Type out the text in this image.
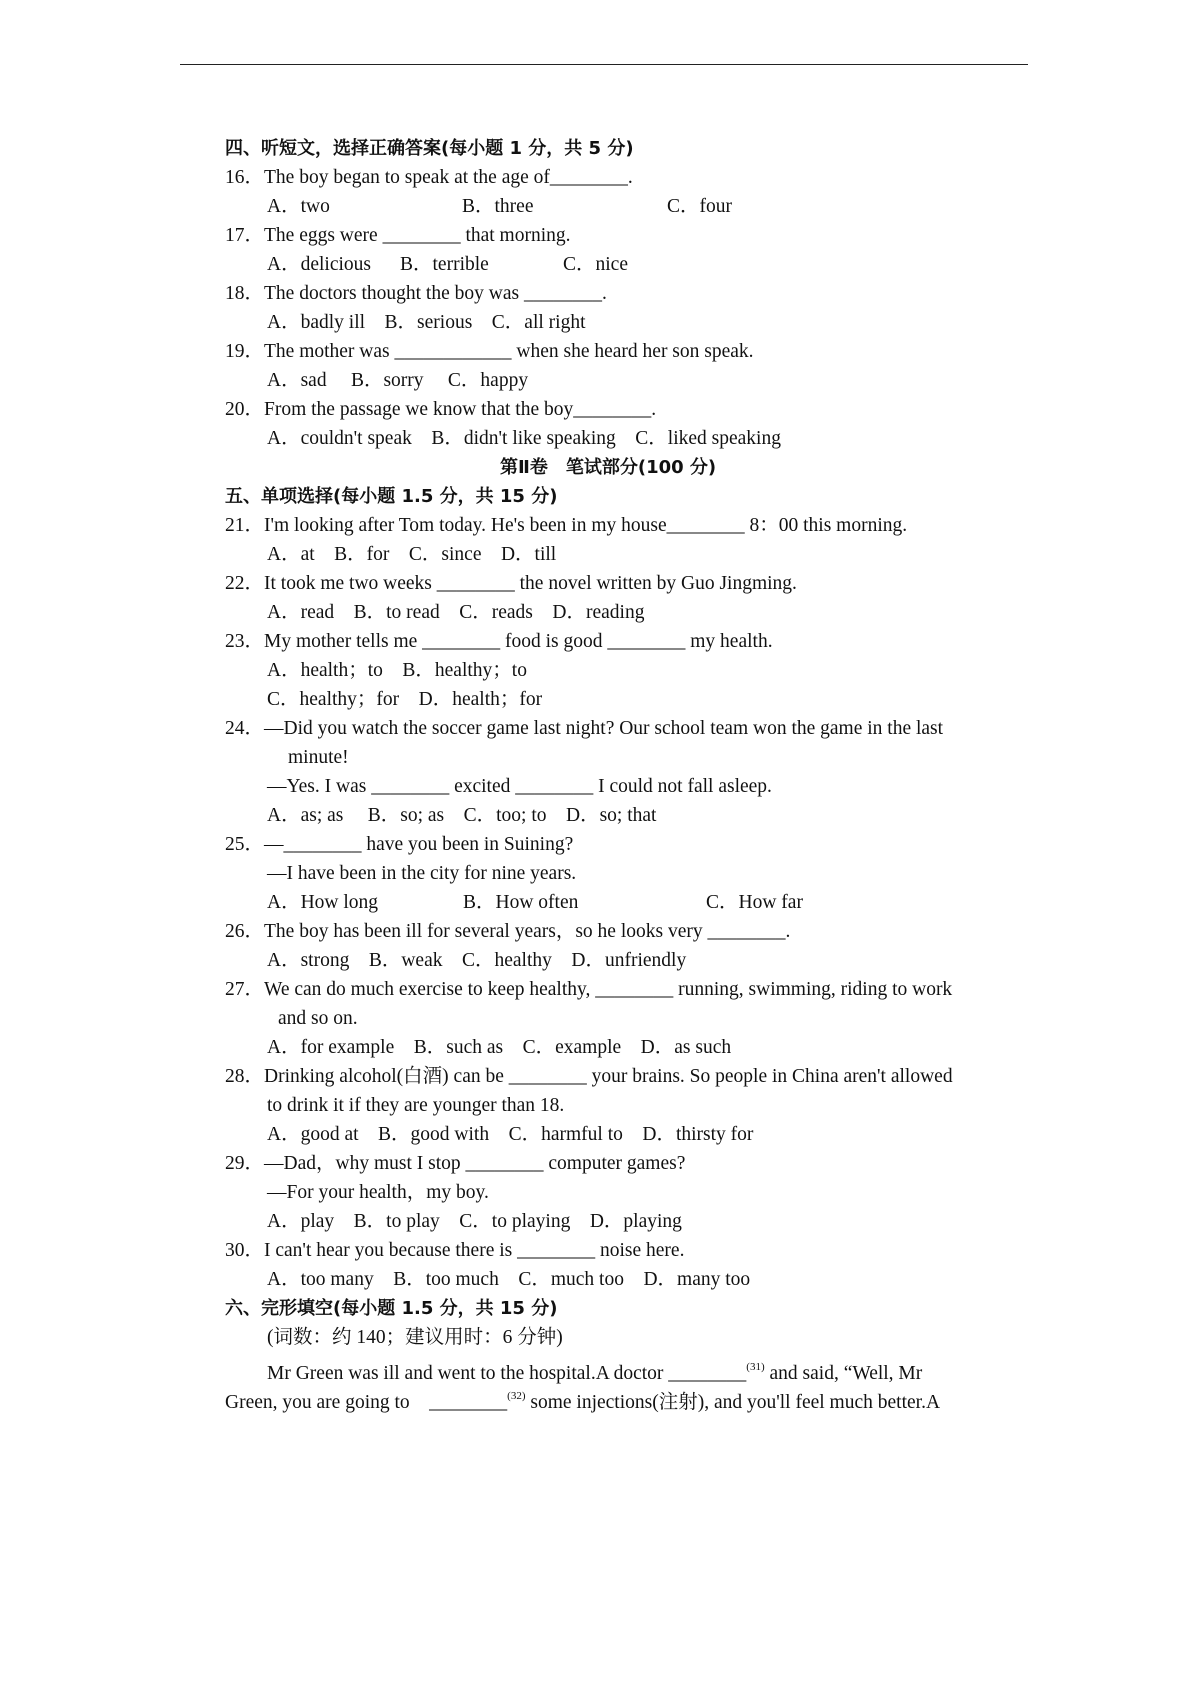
四、听短文，选择正确答案(每小题 1 分，共 5 分)
16．The boy began to speak at the age of________.
A．two	B．three	C．four
17．The eggs were ________ that morning.
A．delicious B．terrible	C．nice
18．The doctors thought the boy was ________.
A．badly ill　B．serious　C．all right
19．The mother was ____________ when she heard her son speak.
A．sad　 B．sorry　 C．happy
20．From the passage we know that the boy________.
A．couldn't speak　B．didn't like speaking　C．liked speaking
第Ⅱ卷　笔试部分(100 分)
五、单项选择(每小题 1.5 分，共 15 分)
21．I'm looking after Tom today. He's been in my house________ 8：00 this morning.
A．at　B．for　C．since　D．till
22．It took me two weeks ________ the novel written by Guo Jingming.
A．read　B．to read　C．reads　D．reading
23．My mother tells me ________ food is good ________ my health.
A．health；to　B．healthy；to
C．healthy；for　D．health；for
24．—Did you watch the soccer game last night? Our school team won the game in the last
minute!
—Yes. I was ________ excited ________ I could not fall asleep.
A．as; as　 B．so; as　C．too; to　D．so; that
25．—________ have you been in Suining?
—I have been in the city for nine years.
A．How long	B．How often	C．How far
26．The boy has been ill for several years，so he looks very ________.
A．strong　B．weak　C．healthy　D．unfriendly
27．We can do much exercise to keep healthy, ________ running, swimming, riding to work
and so on.
A．for example　B．such as　C．example　D．as such
28．Drinking alcohol(白酒) can be ________ your brains. So people in China aren't allowed
to drink it if they are younger than 18.
A．good at　B．good with　C．harmful to　D．thirsty for
29．—Dad，why must I stop ________ computer games?
—For your health，my boy.
A．play　B．to play　C．to playing　D．playing
30．I can't hear you because there is ________ noise here.
A．too many　B．too much　C．much too　D．many too
六、完形填空(每小题 1.5 分，共 15 分)
(词数：约 140；建议用时：6 分钟)
Mr Green was ill and went to the hospital.A doctor ________$^{(31)}$ and said, “Well, Mr
Green, you are going to　________$^{(32)}$ some injections(注射), and you'll feel much better.A
